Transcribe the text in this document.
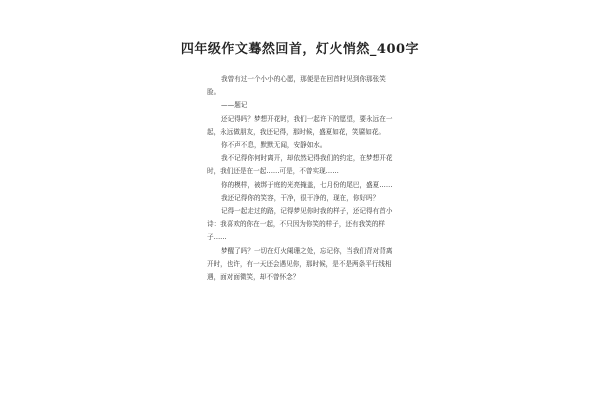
四年级作文蓦然回首，灯火悄然_400字

我曾有过一个小小的心愿，那便是在回首时见到你那张笑脸。

——题记

还记得吗？梦想开花时，我们一起许下的愿望，要永远在一起，永远做朋友，我还记得，那时候，盛夏如花，笑靥如花。

你不声不息，默默无闻，安静如水。

我不记得你何时离开，却依然记得我们的约定，在梦想开花时，我们还是在一起……可是，不曾实现……

你的模样，被绑于庭的光亮掩盖，七月份的尾巴，盛夏……

我还记得你的笑容，干净，很干净的，现在，你好吗？

记得一起走过的路，记得梦见你时我的样子，还记得有首小诗：我喜欢的你在一起，不只因为你笑的样子，还有我笑的样子……

梦醒了吗？一切在灯火阑珊之处，忘记你，当我们背对背离开时，也许，有一天还会遇见你，那时候，是不是两条平行线相遇，面对面微笑，却不曾怀念？
